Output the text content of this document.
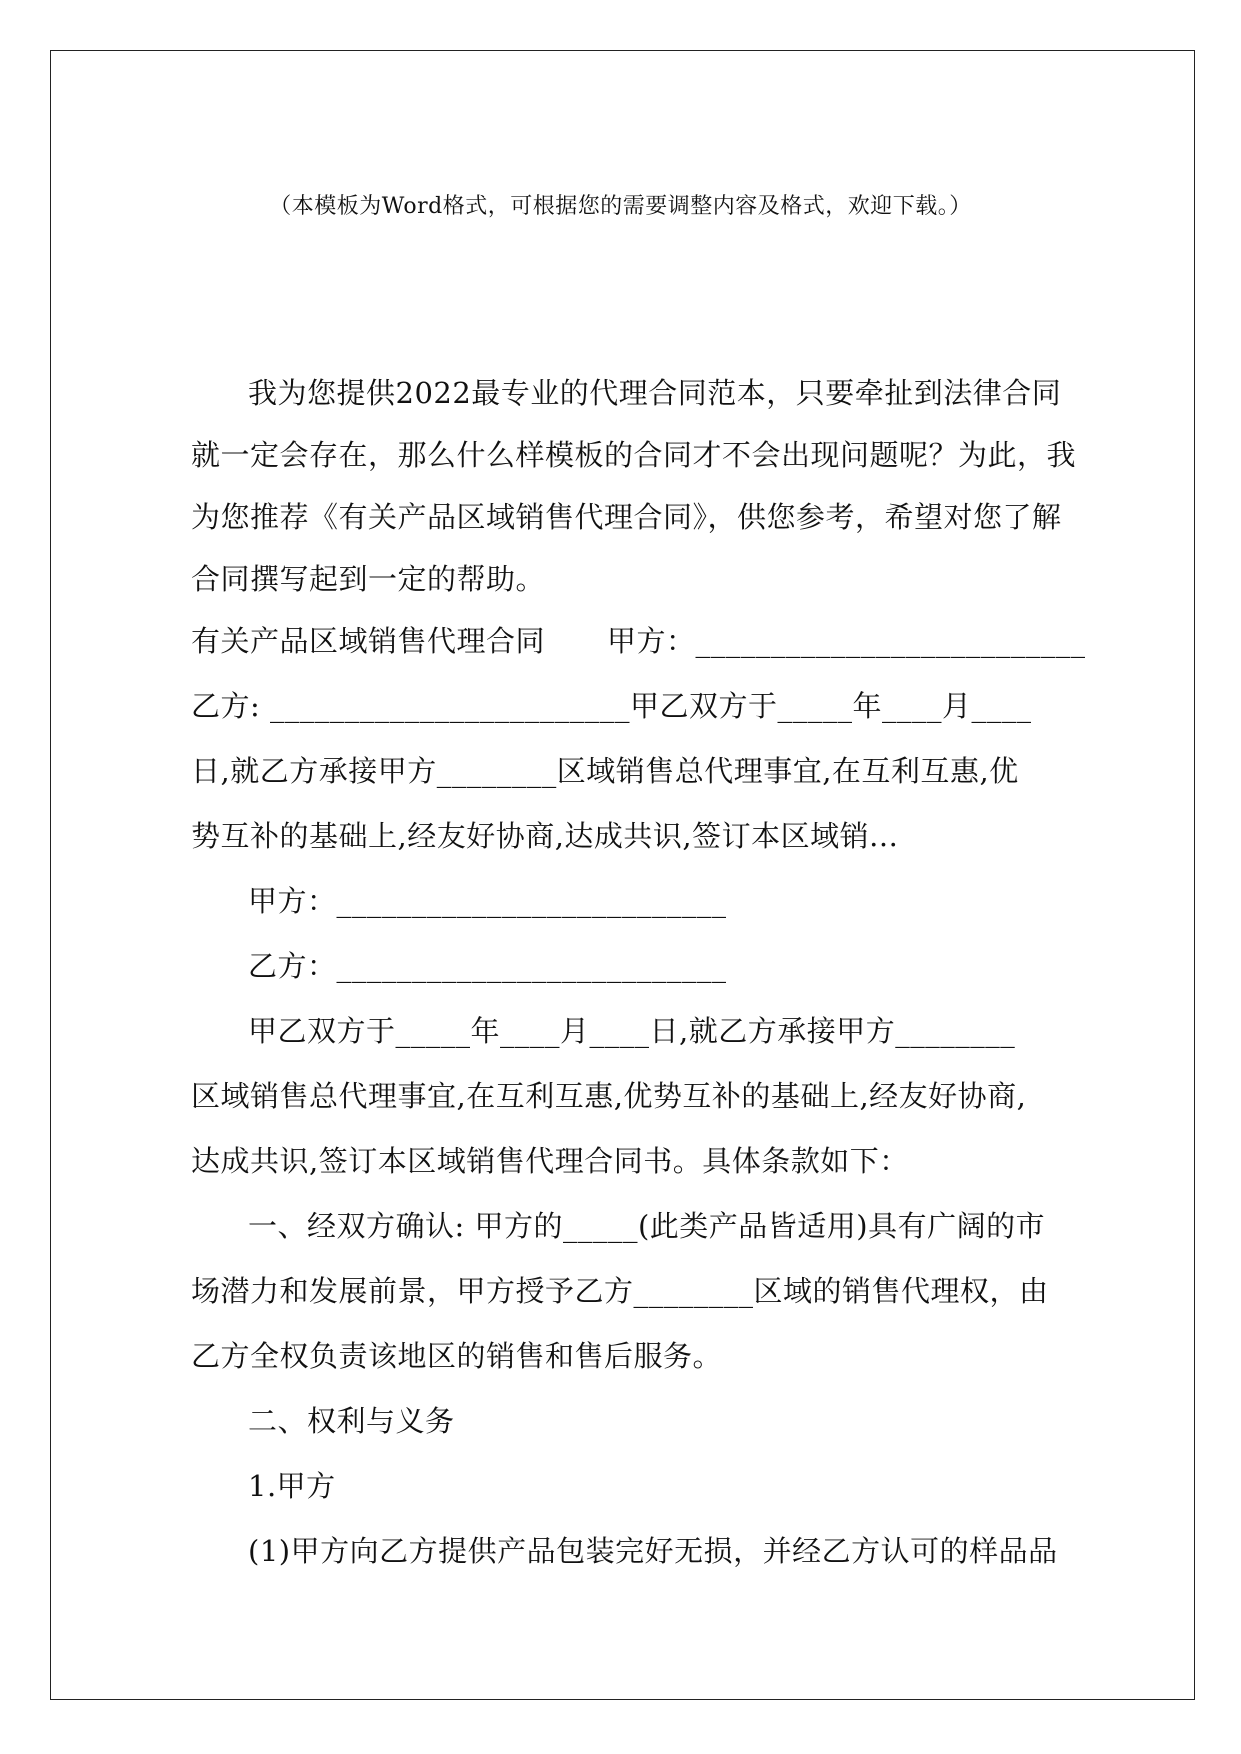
（本模板为Word格式，可根据您的需要调整内容及格式，欢迎下载。）
我为您提供2022最专业的代理合同范本，只要牵扯到法律合同
就一定会存在，那么什么样模板的合同才不会出现问题呢？为此，我
为您推荐《有关产品区域销售代理合同》，供您参考，希望对您了解
合同撰写起到一定的帮助。
有关产品区域销售代理合同 甲方：__________________________
乙方: ________________________甲乙双方于_____年____月____
日,就乙方承接甲方________区域销售总代理事宜,在互利互惠,优
势互补的基础上,经友好协商,达成共识,签订本区域销...
甲方：__________________________
乙方：__________________________
甲乙双方于_____年____月____日,就乙方承接甲方________
区域销售总代理事宜,在互利互惠,优势互补的基础上,经友好协商,
达成共识,签订本区域销售代理合同书。具体条款如下：
一、经双方确认: 甲方的_____(此类产品皆适用)具有广阔的市
场潜力和发展前景，甲方授予乙方________区域的销售代理权，由
乙方全权负责该地区的销售和售后服务。
二、权利与义务
1.甲方
(1)甲方向乙方提供产品包装完好无损，并经乙方认可的样品品
